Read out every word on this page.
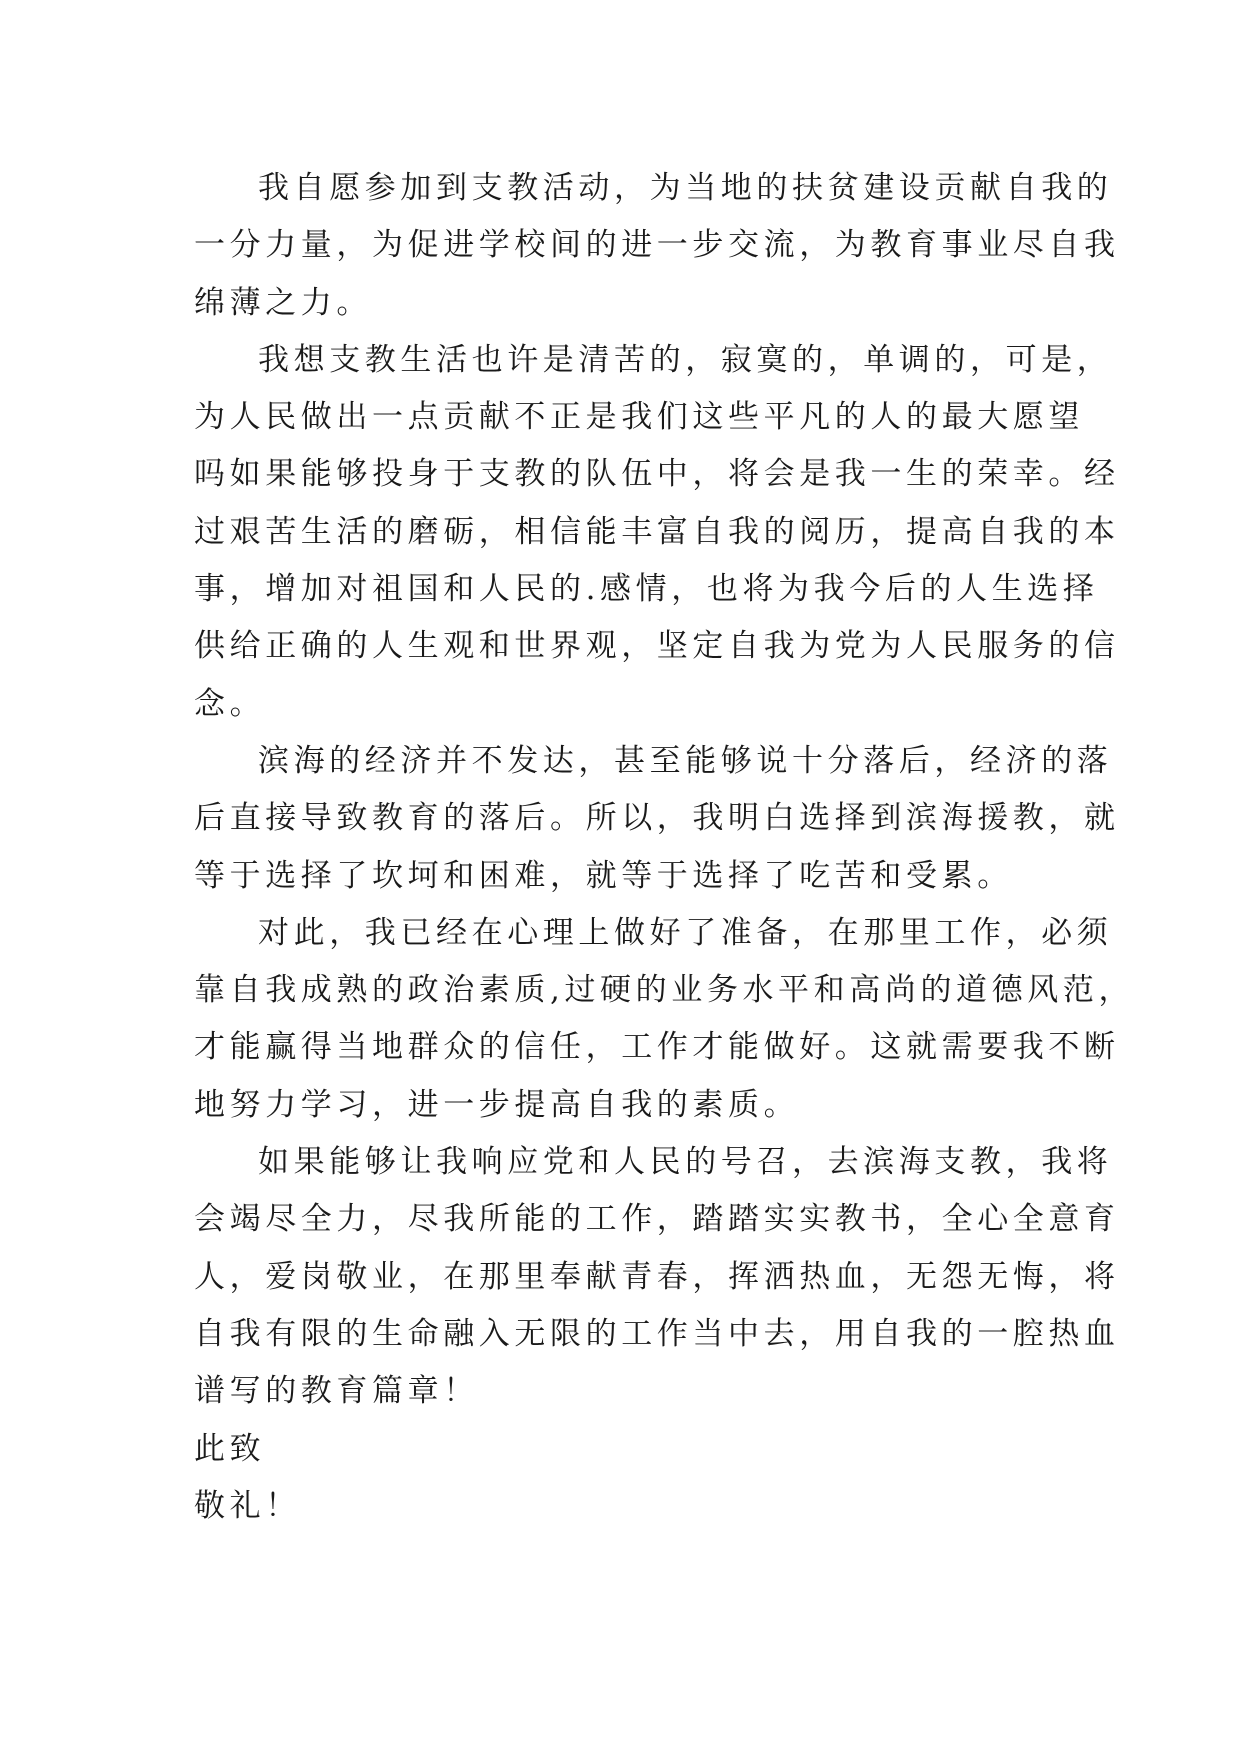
我自愿参加到支教活动，为当地的扶贫建设贡献自我的
一分力量，为促进学校间的进一步交流，为教育事业尽自我
绵薄之力。
我想支教生活也许是清苦的，寂寞的，单调的，可是，
为人民做出一点贡献不正是我们这些平凡的人的最大愿望
吗如果能够投身于支教的队伍中，将会是我一生的荣幸。经
过艰苦生活的磨砺，相信能丰富自我的阅历，提高自我的本
事，增加对祖国和人民的.感情，也将为我今后的人生选择
供给正确的人生观和世界观，坚定自我为党为人民服务的信
念。
滨海的经济并不发达，甚至能够说十分落后，经济的落
后直接导致教育的落后。所以，我明白选择到滨海援教，就
等于选择了坎坷和困难，就等于选择了吃苦和受累。
对此，我已经在心理上做好了准备，在那里工作，必须
靠自我成熟的政治素质,过硬的业务水平和高尚的道德风范，
才能赢得当地群众的信任，工作才能做好。这就需要我不断
地努力学习，进一步提高自我的素质。
如果能够让我响应党和人民的号召，去滨海支教，我将
会竭尽全力，尽我所能的工作，踏踏实实教书，全心全意育
人，爱岗敬业，在那里奉献青春，挥洒热血，无怨无悔，将
自我有限的生命融入无限的工作当中去，用自我的一腔热血
谱写的教育篇章！
此致
敬礼！
